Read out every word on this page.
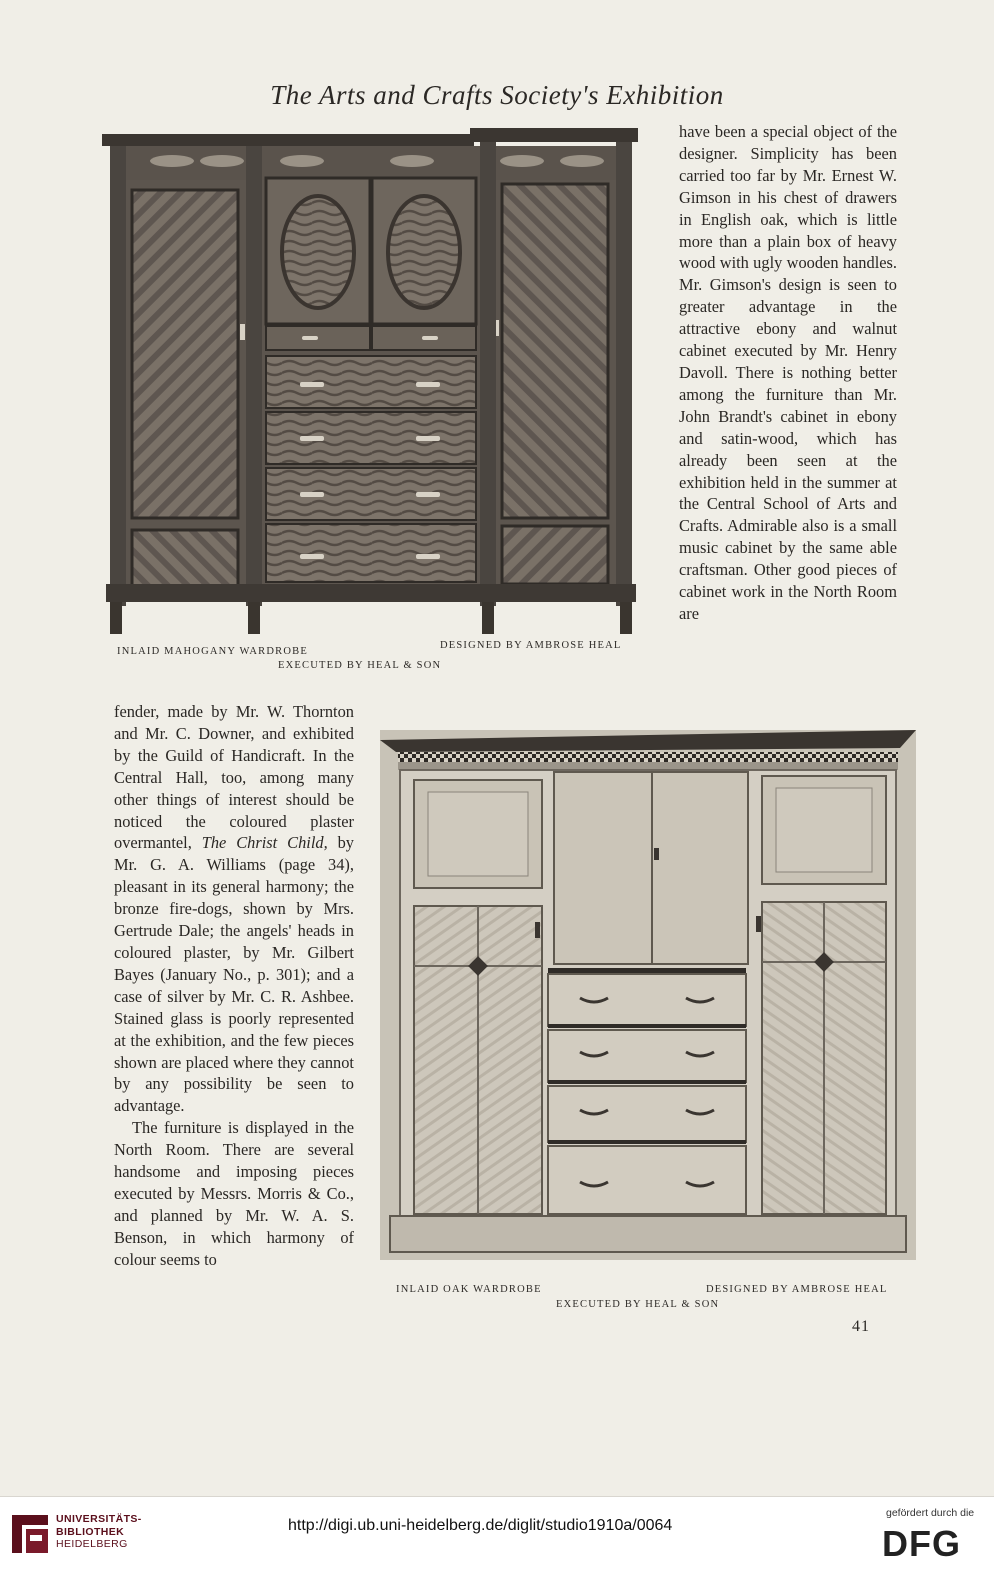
The Arts and Crafts Society's Exhibition
INLAID MAHOGANY WARDROBE
DESIGNED BY AMBROSE HEAL
EXECUTED BY HEAL & SON

have been a special object of the designer. Simplicity has been carried too far by Mr. Ernest W. Gimson in his chest of drawers in English oak, which is little more than a plain box of heavy wood with ugly wooden handles. Mr. Gimson's design is seen to greater advantage in the attractive ebony and walnut cabinet executed by Mr. Henry Davoll. There is nothing better among the furniture than Mr. John Brandt's cabinet in ebony and satin-wood, which has already been seen at the exhibition held in the summer at the Central School of Arts and Crafts. Admirable also is a small music cabinet by the same able craftsman. Other good pieces of cabinet work in the North Room are

fender, made by Mr. W. Thornton and Mr. C. Downer, and exhibited by the Guild of Handicraft. In the Central Hall, too, among many other things of interest should be noticed the coloured plaster overmantel, The Christ Child, by Mr. G. A. Williams (page 34), pleasant in its general harmony; the bronze fire-dogs, shown by Mrs. Gertrude Dale; the angels' heads in coloured plaster, by Mr. Gilbert Bayes (January No., p. 301); and a case of silver by Mr. C. R. Ashbee. Stained glass is poorly represented at the exhibition, and the few pieces shown are placed where they cannot by any possibility be seen to advantage.

The furniture is displayed in the North Room. There are several handsome and imposing pieces executed by Messrs. Morris & Co., and planned by Mr. W. A. S. Benson, in which harmony of colour seems to

INLAID OAK WARDROBE	DESIGNED BY AMBROSE HEAL
EXECUTED BY HEAL & SON
41
UNIVERSITÄTS-
BIBLIOTHEK
HEIDELBERG
http://digi.ub.uni-heidelberg.de/diglit/studio1910a/0064
gefördert durch die
DFG
